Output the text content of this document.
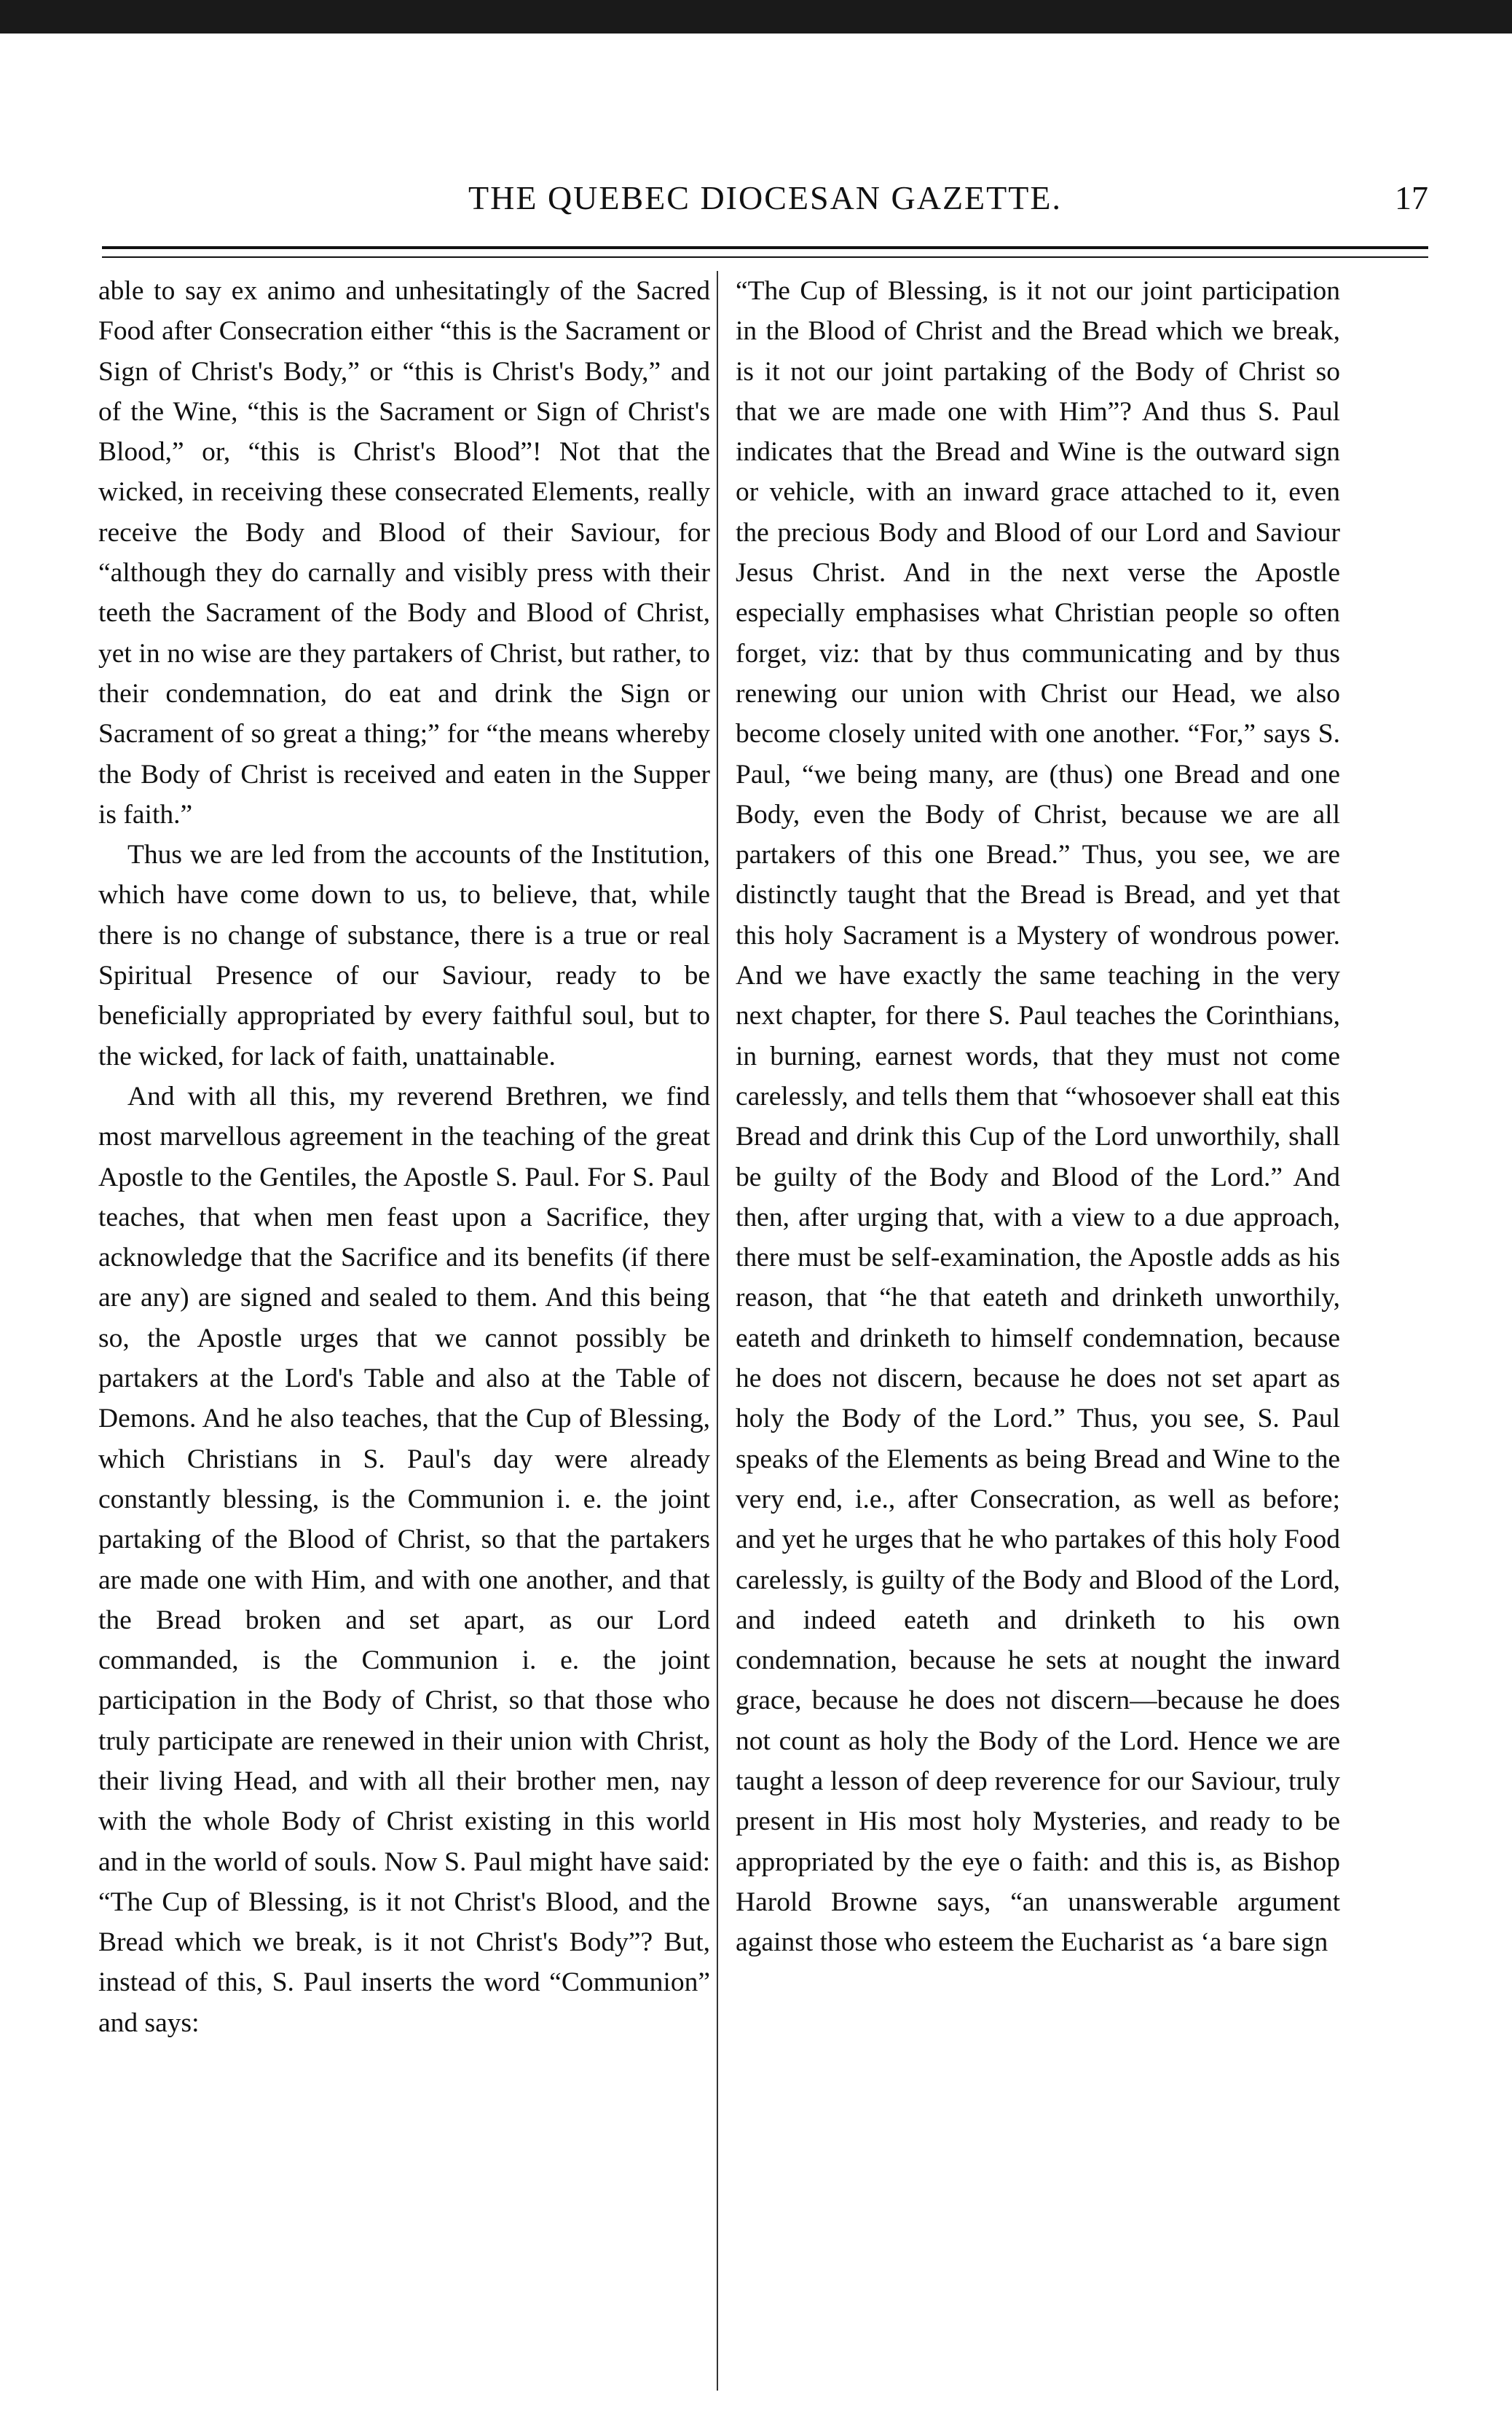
THE QUEBEC DIOCESAN GAZETTE.	17

able to say ex animo and unhesitatingly of the Sacred Food after Consecration either “this is the Sacrament or Sign of Christ's Body,” or “this is Christ's Body,” and of the Wine, “this is the Sacrament or Sign of Christ's Blood,” or, “this is Christ's Blood”! Not that the wicked, in receiving these consecrated Elements, really receive the Body and Blood of their Saviour, for “although they do carnally and visibly press with their teeth the Sacrament of the Body and Blood of Christ, yet in no wise are they partakers of Christ, but rather, to their condemnation, do eat and drink the Sign or Sacrament of so great a thing;” for “the means whereby the Body of Christ is received and eaten in the Supper is faith.”

Thus we are led from the accounts of the Institution, which have come down to us, to believe, that, while there is no change of substance, there is a true or real Spiritual Presence of our Saviour, ready to be beneficially appropriated by every faithful soul, but to the wicked, for lack of faith, unattainable.

And with all this, my reverend Brethren, we find most marvellous agreement in the teaching of the great Apostle to the Gentiles, the Apostle S. Paul. For S. Paul teaches, that when men feast upon a Sacrifice, they acknowledge that the Sacrifice and its benefits (if there are any) are signed and sealed to them. And this being so, the Apostle urges that we cannot possibly be partakers at the Lord's Table and also at the Table of Demons. And he also teaches, that the Cup of Blessing, which Christians in S. Paul's day were already constantly blessing, is the Communion i. e. the joint partaking of the Blood of Christ, so that the partakers are made one with Him, and with one another, and that the Bread broken and set apart, as our Lord commanded, is the Communion i. e. the joint participation in the Body of Christ, so that those who truly participate are renewed in their union with Christ, their living Head, and with all their brother men, nay with the whole Body of Christ existing in this world and in the world of souls. Now S. Paul might have said: “The Cup of Blessing, is it not Christ's Blood, and the Bread which we break, is it not Christ's Body”? But, instead of this, S. Paul inserts the word “Communion” and says:

“The Cup of Blessing, is it not our joint participation in the Blood of Christ and the Bread which we break, is it not our joint partaking of the Body of Christ so that we are made one with Him”? And thus S. Paul indicates that the Bread and Wine is the outward sign or vehicle, with an inward grace attached to it, even the precious Body and Blood of our Lord and Saviour Jesus Christ. And in the next verse the Apostle especially emphasises what Christian people so often forget, viz: that by thus communicating and by thus renewing our union with Christ our Head, we also become closely united with one another. “For,” says S. Paul, “we being many, are (thus) one Bread and one Body, even the Body of Christ, because we are all partakers of this one Bread.” Thus, you see, we are distinctly taught that the Bread is Bread, and yet that this holy Sacrament is a Mystery of wondrous power. And we have exactly the same teaching in the very next chapter, for there S. Paul teaches the Corinthians, in burning, earnest words, that they must not come carelessly, and tells them that “whosoever shall eat this Bread and drink this Cup of the Lord unworthily, shall be guilty of the Body and Blood of the Lord.” And then, after urging that, with a view to a due approach, there must be self-examination, the Apostle adds as his reason, that “he that eateth and drinketh unworthily, eateth and drinketh to himself condemnation, because he does not discern, because he does not set apart as holy the Body of the Lord.” Thus, you see, S. Paul speaks of the Elements as being Bread and Wine to the very end, i.e., after Consecration, as well as before; and yet he urges that he who partakes of this holy Food carelessly, is guilty of the Body and Blood of the Lord, and indeed eateth and drinketh to his own condemnation, because he sets at nought the inward grace, because he does not discern—because he does not count as holy the Body of the Lord. Hence we are taught a lesson of deep reverence for our Saviour, truly present in His most holy Mysteries, and ready to be appropriated by the eye o faith: and this is, as Bishop Harold Browne says, “an unanswerable argument against those who esteem the Eucharist as ‘a bare sign
